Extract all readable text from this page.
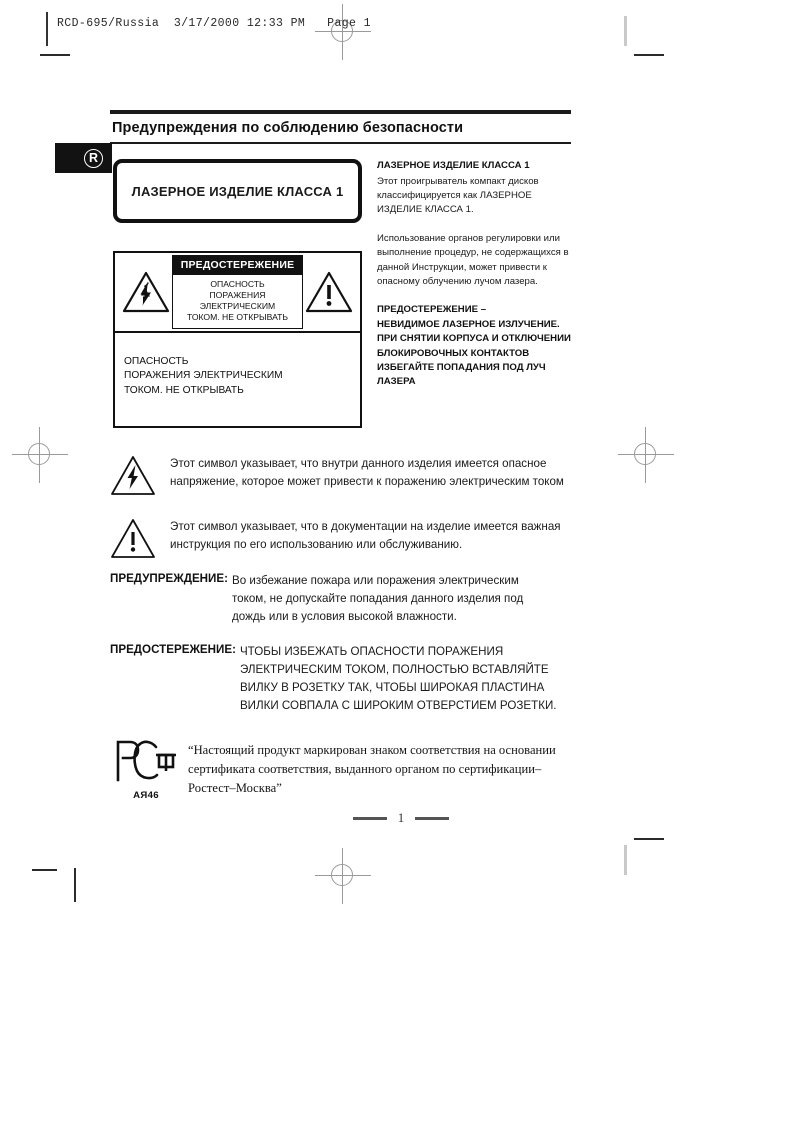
RCD-695/Russia  3/17/2000 12:33 PM   Page 1
Предупреждения по соблюдению безопасности
R
ЛАЗЕРНОЕ ИЗДЕЛИЕ КЛАССА 1
ПРЕДОСТЕРЕЖЕНИЕ
ОПАСНОСТЬ
ПОРАЖЕНИЯ
ЭЛЕКТРИЧЕСКИМ
ТОКОМ. НЕ ОТКРЫВАТЬ
ОПАСНОСТЬ
ПОРАЖЕНИЯ ЭЛЕКТРИЧЕСКИМ
ТОКОМ. НЕ ОТКРЫВАТЬ
ЛАЗЕРНОЕ ИЗДЕЛИЕ КЛАССА 1
Этот проигрыватель компакт дисков классифицируется как ЛАЗЕРНОЕ ИЗДЕЛИЕ КЛАССА 1.
Использование органов регулировки или выполнение процедур, не содержащихся в данной Инструкции, может привести к опасному облучению лучом лазера.
ПРЕДОСТЕРЕЖЕНИЕ –
НЕВИДИМОЕ ЛАЗЕРНОЕ ИЗЛУЧЕНИЕ. ПРИ СНЯТИИ КОРПУСА И ОТКЛЮЧЕНИИ БЛОКИРОВОЧНЫХ КОНТАКТОВ ИЗБЕГАЙТЕ ПОПАДАНИЯ ПОД ЛУЧ ЛАЗЕРА
Этот символ указывает, что внутри данного изделия имеется опасное напряжение, которое может привести к поражению электрическим током
Этот символ указывает, что в документации на изделие имеется важная инструкция по его использованию или обслуживанию.
ПРЕДУПРЕЖДЕНИЕ: Во избежание пожара или поражения электрическим током, не допускайте попадания данного изделия под дождь или в условия высокой влажности.
ПРЕДОСТЕРЕЖЕНИЕ: ЧТОБЫ ИЗБЕЖАТЬ ОПАСНОСТИ ПОРАЖЕНИЯ ЭЛЕКТРИЧЕСКИМ ТОКОМ, ПОЛНОСТЬЮ ВСТАВЛЯЙТЕ ВИЛКУ В РОЗЕТКУ ТАК, ЧТОБЫ ШИРОКАЯ ПЛАСТИНА ВИЛКИ СОВПАЛА С ШИРОКИМ ОТВЕРСТИЕМ РОЗЕТКИ.
АЯ46
“Настоящий продукт маркирован знаком соответствия на основании сертификата соответствия, выданного органом по сертификации–Ростест–Москва”
1
